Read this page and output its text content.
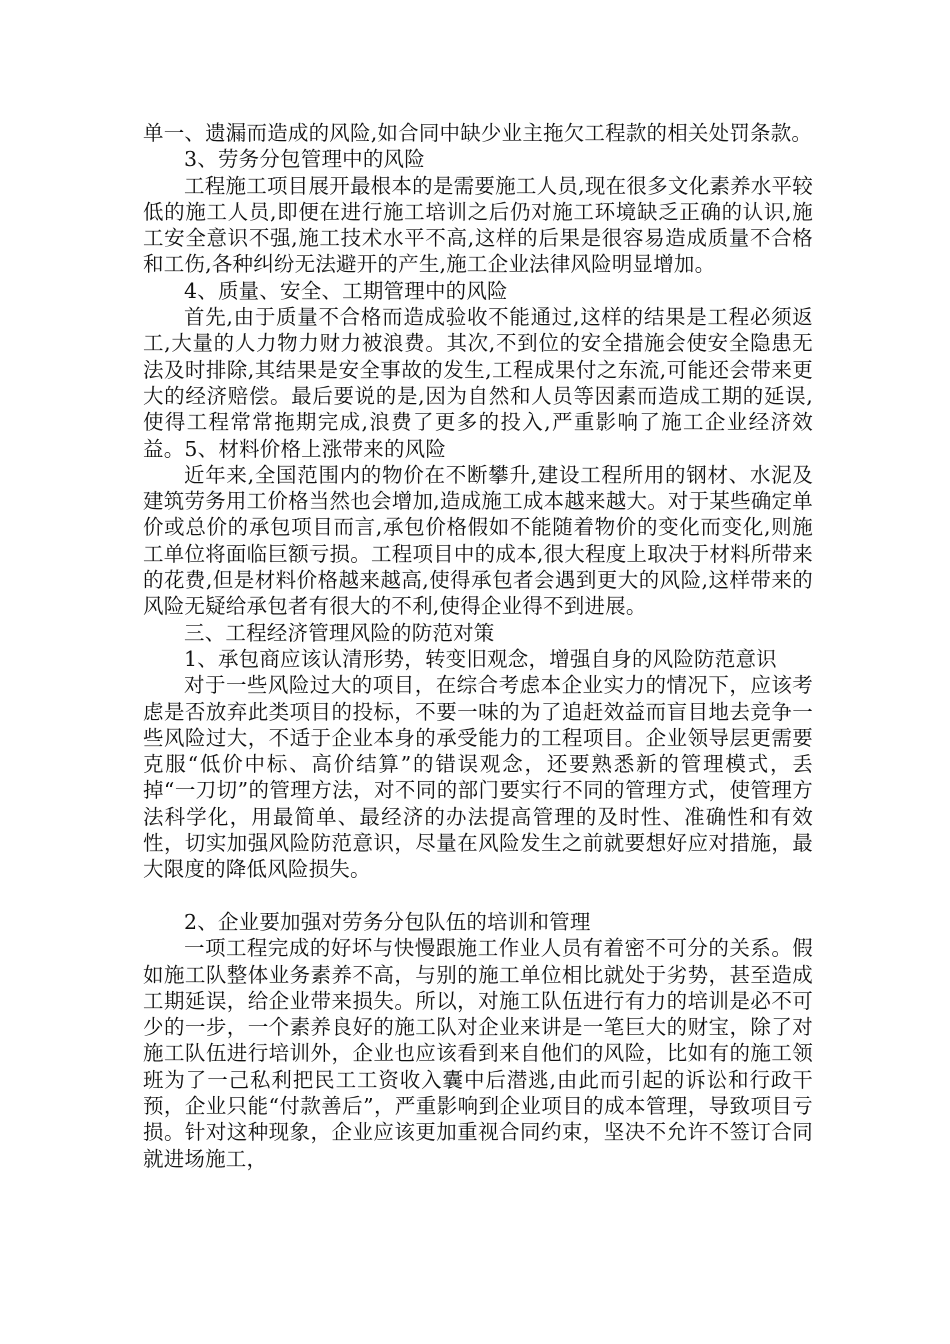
单一、遗漏而造成的风险,如合同中缺少业主拖欠工程款的相关处罚条款。

3、劳务分包管理中的风险

工程施工项目展开最根本的是需要施工人员,现在很多文化素养水平较低的施工人员,即便在进行施工培训之后仍对施工环境缺乏正确的认识,施工安全意识不强,施工技术水平不高,这样的后果是很容易造成质量不合格和工伤,各种纠纷无法避开的产生,施工企业法律风险明显增加。

4、质量、安全、工期管理中的风险

首先,由于质量不合格而造成验收不能通过,这样的结果是工程必须返工,大量的人力物力财力被浪费。其次,不到位的安全措施会使安全隐患无法及时排除,其结果是安全事故的发生,工程成果付之东流,可能还会带来更大的经济赔偿。最后要说的是,因为自然和人员等因素而造成工期的延误,使得工程常常拖期完成,浪费了更多的投入,严重影响了施工企业经济效益。5、材料价格上涨带来的风险

近年来,全国范围内的物价在不断攀升,建设工程所用的钢材、水泥及建筑劳务用工价格当然也会增加,造成施工成本越来越大。对于某些确定单价或总价的承包项目而言,承包价格假如不能随着物价的变化而变化,则施工单位将面临巨额亏损。工程项目中的成本,很大程度上取决于材料所带来的花费,但是材料价格越来越高,使得承包者会遇到更大的风险,这样带来的风险无疑给承包者有很大的不利,使得企业得不到进展。

三、工程经济管理风险的防范对策

1、承包商应该认清形势，转变旧观念，增强自身的风险防范意识

对于一些风险过大的项目，在综合考虑本企业实力的情况下，应该考虑是否放弃此类项目的投标，不要一味的为了追赶效益而盲目地去竞争一些风险过大，不适于企业本身的承受能力的工程项目。企业领导层更需要克服“低价中标、高价结算”的错误观念，还要熟悉新的管理模式，丢掉“一刀切”的管理方法，对不同的部门要实行不同的管理方式，使管理方法科学化，用最简单、最经济的办法提高管理的及时性、准确性和有效性，切实加强风险防范意识，尽量在风险发生之前就要想好应对措施，最大限度的降低风险损失。

2、企业要加强对劳务分包队伍的培训和管理

一项工程完成的好坏与快慢跟施工作业人员有着密不可分的关系。假如施工队整体业务素养不高，与别的施工单位相比就处于劣势，甚至造成工期延误，给企业带来损失。所以，对施工队伍进行有力的培训是必不可少的一步，一个素养良好的施工队对企业来讲是一笔巨大的财宝，除了对施工队伍进行培训外，企业也应该看到来自他们的风险，比如有的施工领班为了一己私利把民工工资收入囊中后潜逃,由此而引起的诉讼和行政干预，企业只能“付款善后”，严重影响到企业项目的成本管理，导致项目亏损。针对这种现象，企业应该更加重视合同约束，坚决不允许不签订合同就进场施工，
